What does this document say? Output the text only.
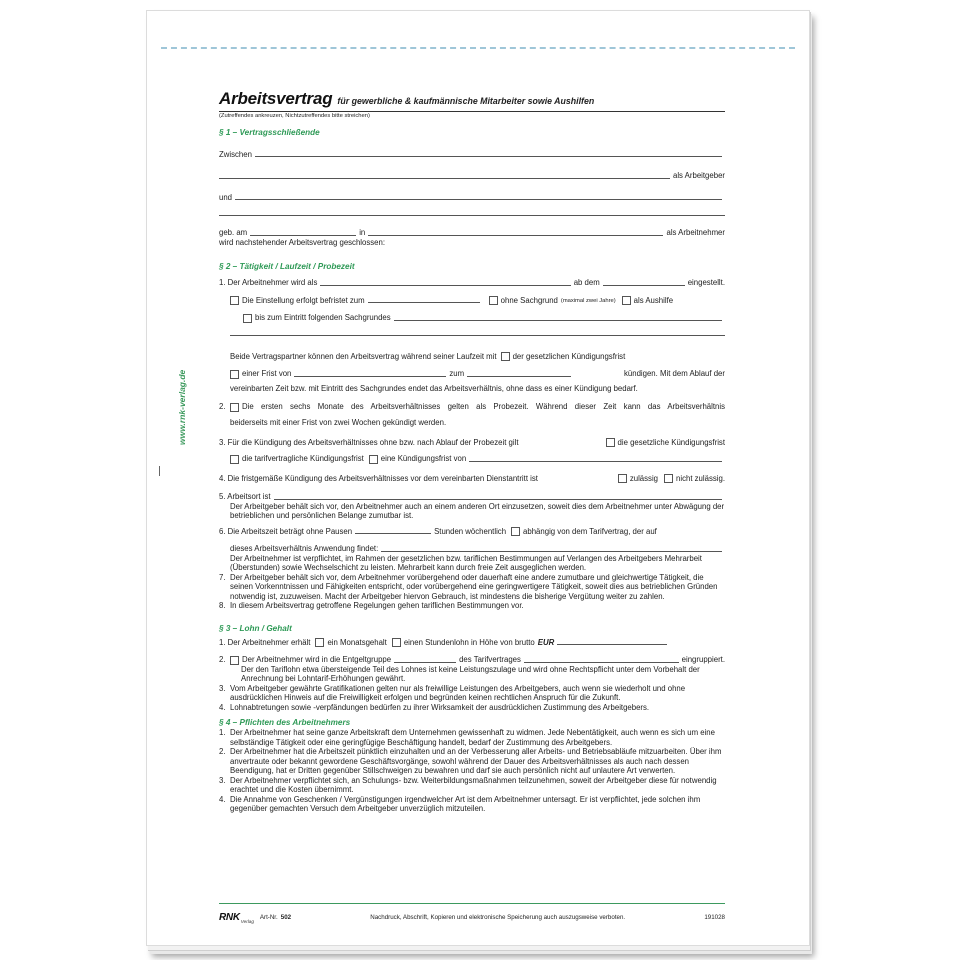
www.rnk-verlag.de
Arbeitsvertrag für gewerbliche & kaufmännische Mitarbeiter sowie Aushilfen
(Zutreffendes ankreuzen, Nichtzutreffendes bitte streichen)
§ 1 – Vertragsschließende
Zwischen
als Arbeitgeber
und
geb. am	in	als Arbeitnehmer
wird nachstehender Arbeitsvertrag geschlossen:
§ 2 – Tätigkeit / Laufzeit / Probezeit
1. Der Arbeitnehmer wird als	ab dem	eingestellt.
Die Einstellung erfolgt befristet zum	ohne Sachgrund (maximal zwei Jahre) als Aushilfe
bis zum Eintritt folgenden Sachgrundes
Beide Vertragspartner können den Arbeitsvertrag während seiner Laufzeit mit der gesetzlichen Kündigungsfrist
einer Frist von	zum	kündigen. Mit dem Ablauf der
vereinbarten Zeit bzw. mit Eintritt des Sachgrundes endet das Arbeitsverhältnis, ohne dass es einer Kündigung bedarf.
2.	Die ersten sechs Monate des Arbeitsverhältnisses gelten als Probezeit. Während dieser Zeit kann das Arbeitsverhältnis
beiderseits mit einer Frist von zwei Wochen gekündigt werden.
3. Für die Kündigung des Arbeitsverhältnisses ohne bzw. nach Ablauf der Probezeit gilt	die gesetzliche Kündigungsfrist
die tarifvertragliche Kündigungsfrist eine Kündigungsfrist von
4. Die fristgemäße Kündigung des Arbeitsverhältnisses vor dem vereinbarten Dienstantritt ist	zulässig nicht zulässig.
5. Arbeitsort ist
Der Arbeitgeber behält sich vor, den Arbeitnehmer auch an einem anderen Ort einzusetzen, soweit dies dem Arbeitnehmer unter Abwägung der betrieblichen und persönlichen Belange zumutbar ist.
6. Die Arbeitszeit beträgt ohne Pausen	Stunden wöchentlich abhängig von dem Tarifvertrag, der auf
dieses Arbeitsverhältnis Anwendung findet:
Der Arbeitnehmer ist verpflichtet, im Rahmen der gesetzlichen bzw. tariflichen Bestimmungen auf Verlangen des Arbeitgebers Mehrarbeit (Überstunden) sowie Wechselschicht zu leisten. Mehrarbeit kann durch freie Zeit ausgeglichen werden.
7. Der Arbeitgeber behält sich vor, dem Arbeitnehmer vorübergehend oder dauerhaft eine andere zumutbare und gleichwertige Tätigkeit, die seinen Vorkenntnissen und Fähigkeiten entspricht, oder vorübergehend eine geringwertigere Tätigkeit, soweit dies aus betrieblichen Gründen notwendig ist, zuzuweisen. Macht der Arbeitgeber hiervon Gebrauch, ist mindestens die bisherige Vergütung weiter zu zahlen.
8. In diesem Arbeitsvertrag getroffene Regelungen gehen tariflichen Bestimmungen vor.
§ 3 – Lohn / Gehalt
1. Der Arbeitnehmer erhält ein Monatsgehalt einen Stundenlohn in Höhe von brutto EUR
2.	Der Arbeitnehmer wird in die Entgeltgruppe	des Tarifvertrages	eingruppiert.
Der den Tariflohn etwa übersteigende Teil des Lohnes ist keine Leistungszulage und wird ohne Rechtspflicht unter dem Vorbehalt der Anrechnung bei Lohntarif-Erhöhungen gewährt.
3. Vom Arbeitgeber gewährte Gratifikationen gelten nur als freiwillige Leistungen des Arbeitgebers, auch wenn sie wiederholt und ohne ausdrücklichen Hinweis auf die Freiwilligkeit erfolgen und begründen keinen rechtlichen Anspruch für die Zukunft.
4. Lohnabtretungen sowie -verpfändungen bedürfen zu ihrer Wirksamkeit der ausdrücklichen Zustimmung des Arbeitgebers.
§ 4 – Pflichten des Arbeitnehmers
1. Der Arbeitnehmer hat seine ganze Arbeitskraft dem Unternehmen gewissenhaft zu widmen. Jede Nebentätigkeit, auch wenn es sich um eine selbständige Tätigkeit oder eine geringfügige Beschäftigung handelt, bedarf der Zustimmung des Arbeitgebers.
2. Der Arbeitnehmer hat die Arbeitszeit pünktlich einzuhalten und an der Verbesserung aller Arbeits- und Betriebsabläufe mitzuarbeiten. Über ihm anvertraute oder bekannt gewordene Geschäftsvorgänge, sowohl während der Dauer des Arbeitsverhältnisses als auch nach dessen Beendigung, hat er Dritten gegenüber Stillschweigen zu bewahren und darf sie auch persönlich nicht auf unlautere Art verwerten.
3. Der Arbeitnehmer verpflichtet sich, an Schulungs- bzw. Weiterbildungsmaßnahmen teilzunehmen, soweit der Arbeitgeber diese für notwendig erachtet und die Kosten übernimmt.
4. Die Annahme von Geschenken / Vergünstigungen irgendwelcher Art ist dem Arbeitnehmer untersagt. Er ist verpflichtet, jede solchen ihm gegenüber gemachten Versuch dem Arbeitgeber unverzüglich mitzuteilen.
RNK Verlag
Art-Nr. 502	Nachdruck, Abschrift, Kopieren und elektronische Speicherung auch auszugsweise verboten.	191028
